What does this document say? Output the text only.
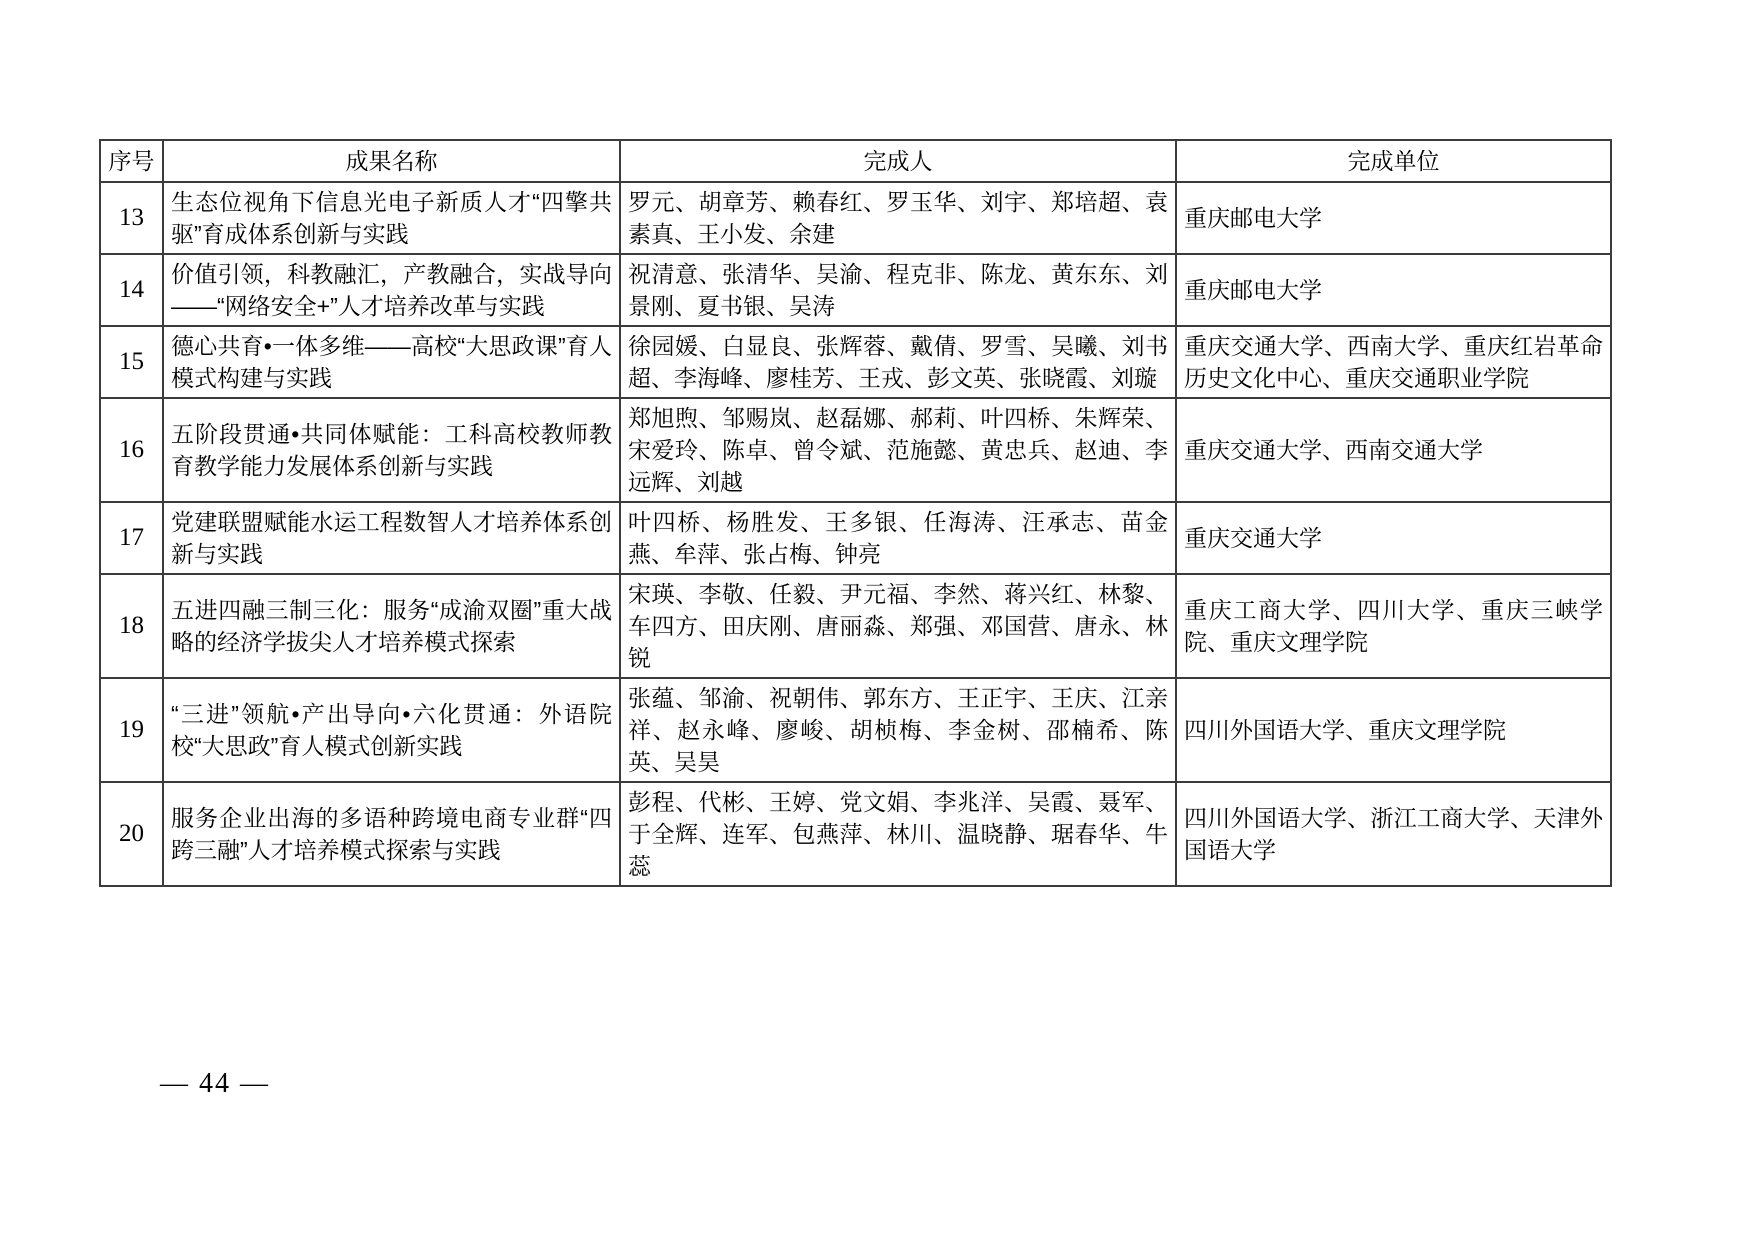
序号	成果名称	完成人	完成单位
13	生态位视角下信息光电子新质人才“四擎共驱”育成体系创新与实践	罗元、胡章芳、赖春红、罗玉华、刘宇、郑培超、袁素真、王小发、余建	重庆邮电大学
14	价值引领，科教融汇，产教融合，实战导向——“网络安全+”人才培养改革与实践	祝清意、张清华、吴渝、程克非、陈龙、黄东东、刘景刚、夏书银、吴涛	重庆邮电大学
15	德心共育•一体多维——高校“大思政课”育人模式构建与实践	徐园媛、白显良、张辉蓉、戴倩、罗雪、吴曦、刘书超、李海峰、廖桂芳、王戎、彭文英、张晓霞、刘璇	重庆交通大学、西南大学、重庆红岩革命历史文化中心、重庆交通职业学院
16	五阶段贯通•共同体赋能：工科高校教师教育教学能力发展体系创新与实践	郑旭煦、邹赐岚、赵磊娜、郝莉、叶四桥、朱辉荣、宋爱玲、陈卓、曾令斌、范施懿、黄忠兵、赵迪、李远辉、刘越	重庆交通大学、西南交通大学
17	党建联盟赋能水运工程数智人才培养体系创新与实践	叶四桥、杨胜发、王多银、任海涛、汪承志、苗金燕、牟萍、张占梅、钟亮	重庆交通大学
18	五进四融三制三化：服务“成渝双圈”重大战略的经济学拔尖人才培养模式探索	宋瑛、李敬、任毅、尹元福、李然、蒋兴红、林黎、车四方、田庆刚、唐丽淼、郑强、邓国营、唐永、林锐	重庆工商大学、四川大学、重庆三峡学院、重庆文理学院
19	“三进”领航•产出导向•六化贯通：外语院校“大思政”育人模式创新实践	张蕴、邹渝、祝朝伟、郭东方、王正宇、王庆、江亲祥、赵永峰、廖峻、胡桢梅、李金树、邵楠希、陈英、吴昊	四川外国语大学、重庆文理学院
20	服务企业出海的多语种跨境电商专业群“四跨三融”人才培养模式探索与实践	彭程、代彬、王婷、党文娟、李兆洋、吴霞、聂军、于全辉、连军、包燕萍、林川、温晓静、琚春华、牛蕊	四川外国语大学、浙江工商大学、天津外国语大学
— 44 —
